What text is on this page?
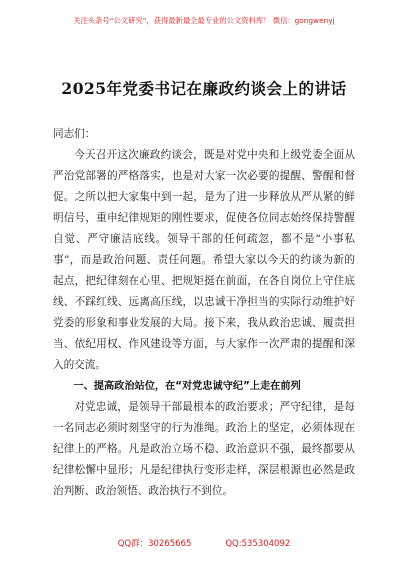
关注头条号“公文研究”，获得最新最全最专业的公文资料库！ 微信：gongwenyj
2025年党委书记在廉政约谈会上的讲话

同志们：

今天召开这次廉政约谈会，既是对党中央和上级党委全面从严治党部署的严格落实，也是对大家一次必要的提醒、警醒和督促。之所以把大家集中到一起，是为了进一步释放从严从紧的鲜明信号，重申纪律规矩的刚性要求，促使各位同志始终保持警醒自觉、严守廉洁底线。领导干部的任何疏忽，都不是“小事私事”，而是政治问题、责任问题。希望大家以今天的约谈为新的起点，把纪律刻在心里、把规矩挺在前面，在各自岗位上守住底线、不踩红线、远离高压线，以忠诚干净担当的实际行动维护好党委的形象和事业发展的大局。接下来，我从政治忠诚、履责担当、依纪用权、作风建设等方面，与大家作一次严肃的提醒和深入的交流。

一、提高政治站位，在“对党忠诚守纪”上走在前列

对党忠诚，是领导干部最根本的政治要求；严守纪律，是每一名同志必须时刻坚守的行为准绳。政治上的坚定，必须体现在纪律上的严格。凡是政治立场不稳、政治意识不强，最终都要从纪律松懈中显形；凡是纪律执行变形走样，深层根源也必然是政治判断、政治领悟、政治执行不到位。

QQ群：30265665	QQ:535304092
